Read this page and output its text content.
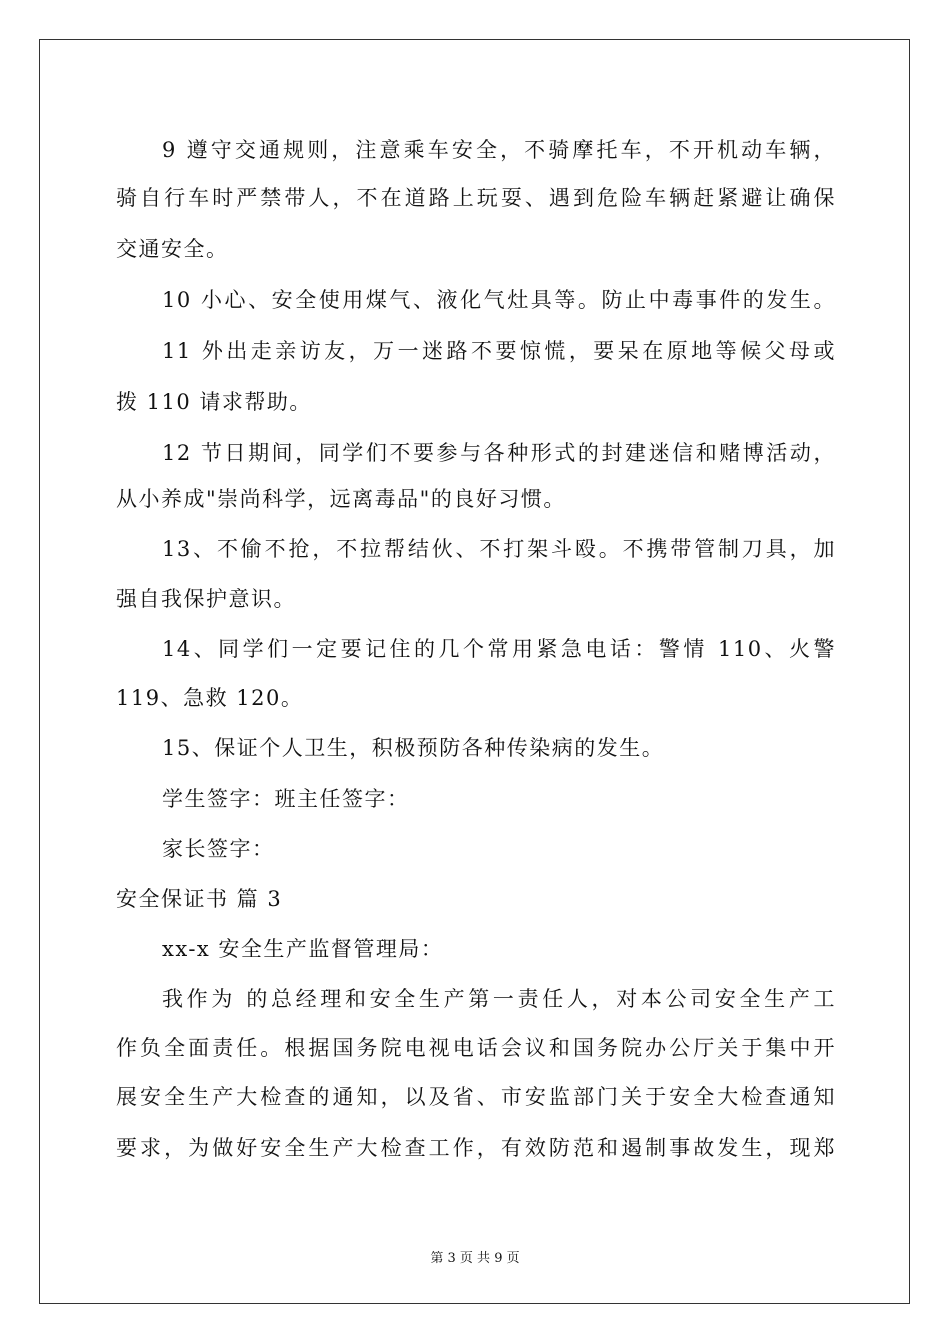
9 遵守交通规则，注意乘车安全，不骑摩托车，不开机动车辆，
骑自行车时严禁带人，不在道路上玩耍、遇到危险车辆赶紧避让确保
交通安全。
10 小心、安全使用煤气、液化气灶具等。防止中毒事件的发生。
11 外出走亲访友，万一迷路不要惊慌，要呆在原地等候父母或
拨 110 请求帮助。
12 节日期间，同学们不要参与各种形式的封建迷信和赌博活动，
从小养成"崇尚科学，远离毒品"的良好习惯。
13、不偷不抢，不拉帮结伙、不打架斗殴。不携带管制刀具，加
强自我保护意识。
14、同学们一定要记住的几个常用紧急电话：警情 110、火警
119、急救 120。
15、保证个人卫生，积极预防各种传染病的发生。
学生签字：班主任签字：
家长签字：
安全保证书 篇 3
xx-x 安全生产监督管理局：
我作为 的总经理和安全生产第一责任人，对本公司安全生产工
作负全面责任。根据国务院电视电话会议和国务院办公厅关于集中开
展安全生产大检查的通知，以及省、市安监部门关于安全大检查通知
要求，为做好安全生产大检查工作，有效防范和遏制事故发生，现郑
第 3 页 共 9 页
